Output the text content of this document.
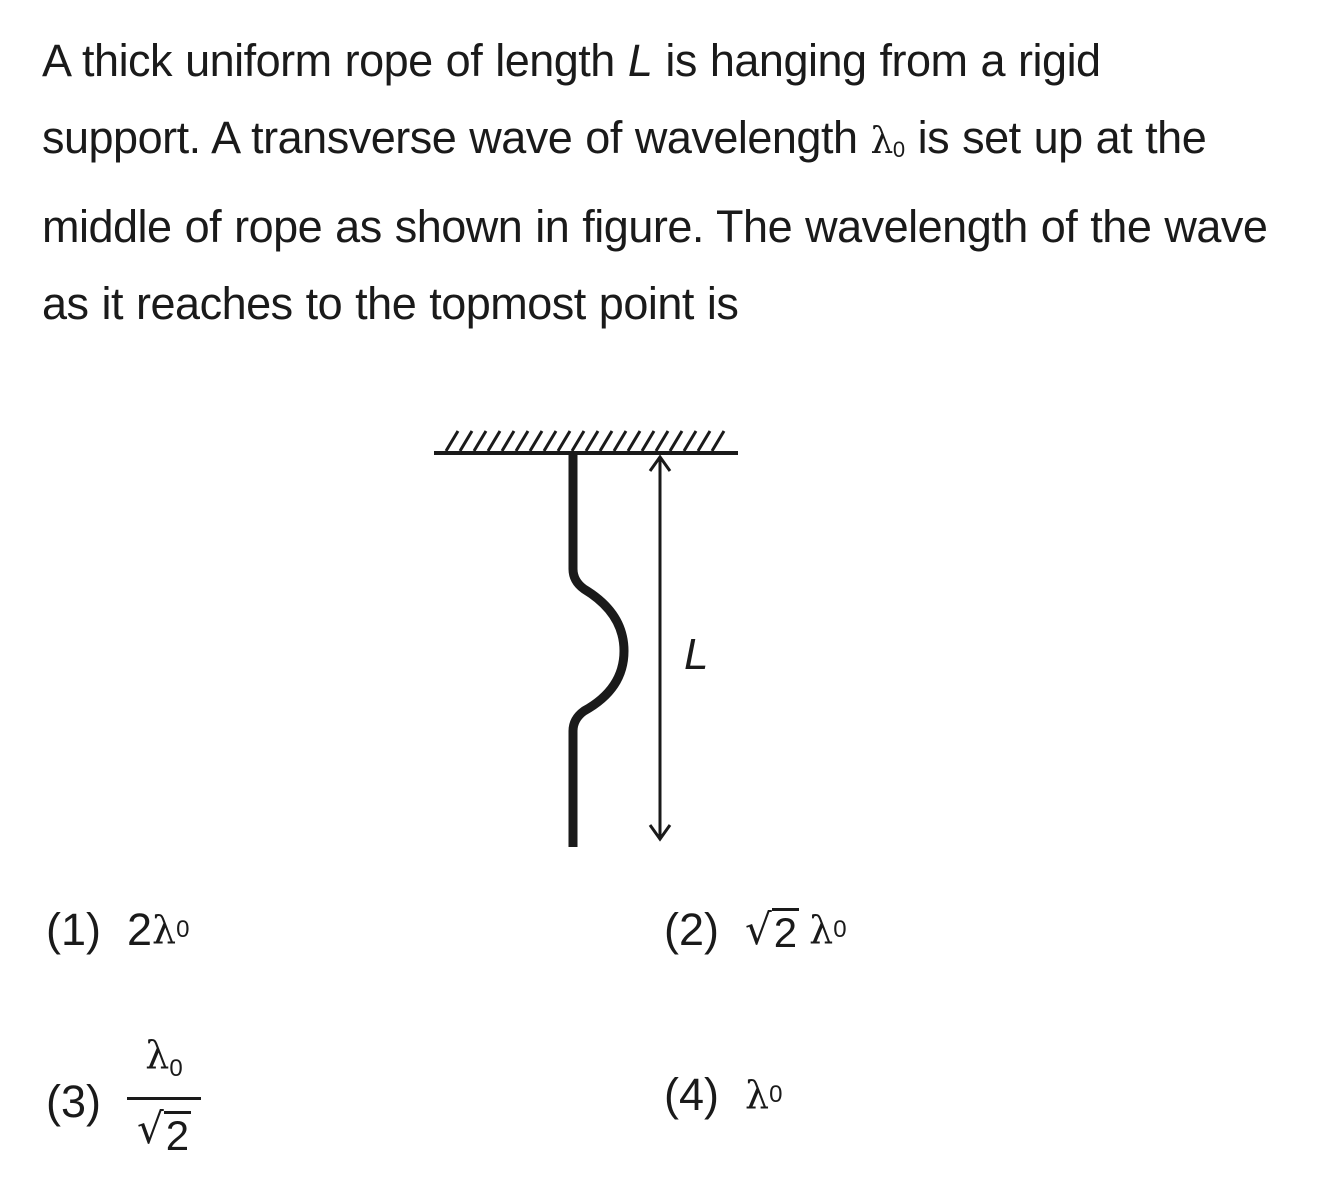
A thick uniform rope of length L is hanging from a rigid support. A transverse wave of wavelength λ0 is set up at the middle of rope as shown in figure. The wavelength of the wave as it reaches to the topmost point is
L
(1) 2 λ 0	(2) √ 2 λ 0
$(3) \frac{\lambda 0}{√ 2}$	(4) λ 0
